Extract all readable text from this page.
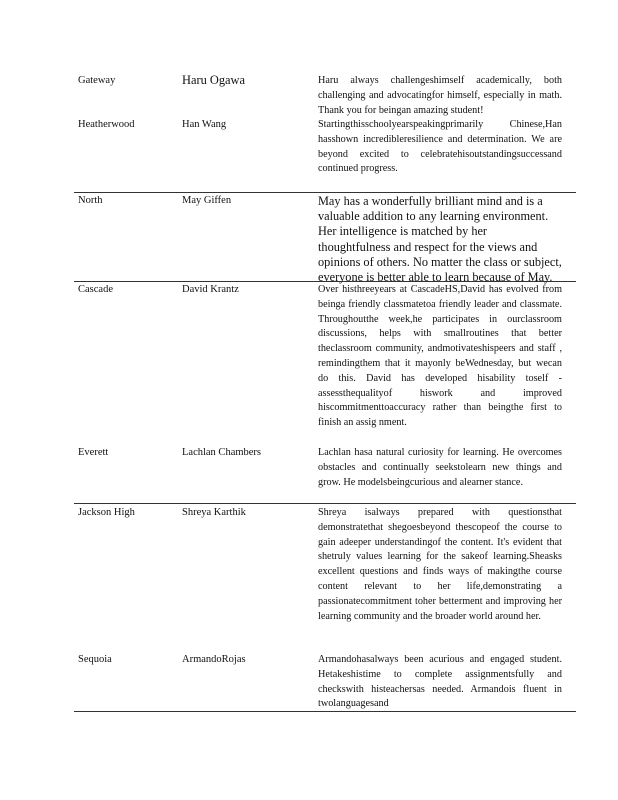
Gateway	Haru Ogawa	Haru always challengeshimself academically, both challenging and advocatingfor himself, especially in math. Thank you for beingan amazing student!
Heatherwood	Han Wang	Startingthisschoolyearspeakingprimarily Chinese,Han hasshown incredibleresilience and determination. We are beyond excited to celebratehisoutstandingsuccessand continued progress.
North	May Giffen	May has a wonderfully brilliant mind and is a valuable addition to any learning environment. Her intelligence is matched by her thoughtfulness and respect for the views and opinions of others. No matter the class or subject, everyone is better able to learn because of May.
Cascade	David Krantz	Over histhreeyears at CascadeHS,David has evolved from beinga friendly classmatetoa friendly leader and classmate. Throughoutthe week,he participates in ourclassroom discussions, helps with smallroutines that better theclassroom community, andmotivateshispeers and staff , remindingthem that it mayonly beWednesday, but wecan do this. David has developed hisability toself -assessthequalityof hiswork and improved hiscommitmenttoaccuracy rather than beingthe first to finish an assig nment.
Everett	Lachlan Chambers	Lachlan hasa natural curiosity for learning. He overcomes obstacles and continually seekstolearn new things and grow. He modelsbeingcurious and alearner stance.
Jackson High	Shreya Karthik	Shreya isalways prepared with questionsthat demonstratethat shegoesbeyond thescopeof the course to gain adeeper understandingof the content. It's evident that shetruly values learning for the sakeof learning.Sheasks excellent questions and finds ways of makingthe course content relevant to her life,demonstrating a passionatecommitment toher betterment and improving her learning community and the broader world around her.
Sequoia	ArmandoRojas	Armandohasalways been acurious and engaged student. Hetakeshistime to complete assignmentsfully and checkswith histeachersas needed. Armandois fluent in twolanguagesand
